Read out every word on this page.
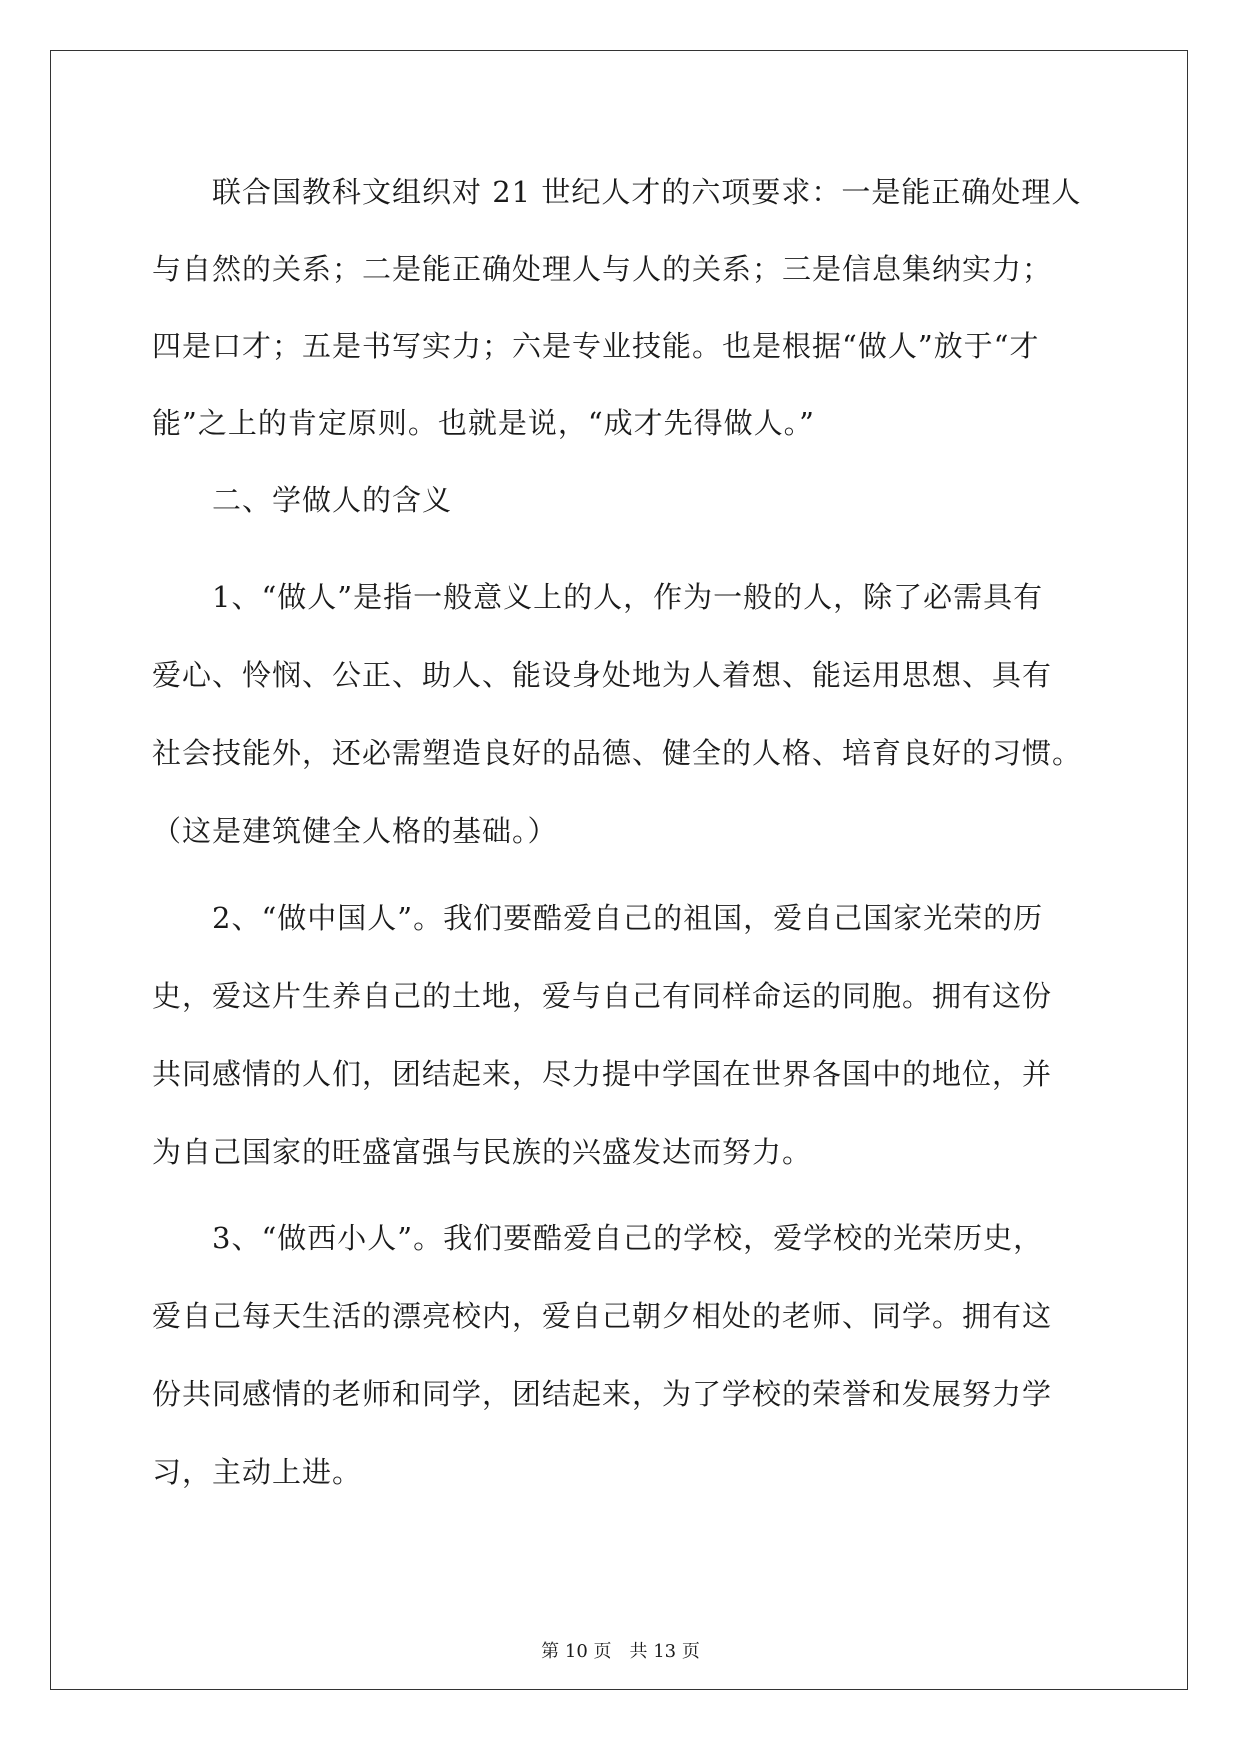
　　联合国教科文组织对 21 世纪人才的六项要求：一是能正确处理人
与自然的关系；二是能正确处理人与人的关系；三是信息集纳实力；
四是口才；五是书写实力；六是专业技能。也是根据“做人”放于“才
能”之上的肯定原则。也就是说，“成才先得做人。”
　　二、学做人的含义
　　1、“做人”是指一般意义上的人，作为一般的人，除了必需具有
爱心、怜悯、公正、助人、能设身处地为人着想、能运用思想、具有
社会技能外，还必需塑造良好的品德、健全的人格、培育良好的习惯。
（这是建筑健全人格的基础。）
　　2、“做中国人”。我们要酷爱自己的祖国，爱自己国家光荣的历
史，爱这片生养自己的土地，爱与自己有同样命运的同胞。拥有这份
共同感情的人们，团结起来，尽力提中学国在世界各国中的地位，并
为自己国家的旺盛富强与民族的兴盛发达而努力。
　　3、“做西小人”。我们要酷爱自己的学校，爱学校的光荣历史，
爱自己每天生活的漂亮校内，爱自己朝夕相处的老师、同学。拥有这
份共同感情的老师和同学，团结起来，为了学校的荣誉和发展努力学
习，主动上进。
第 10 页　共 13 页
